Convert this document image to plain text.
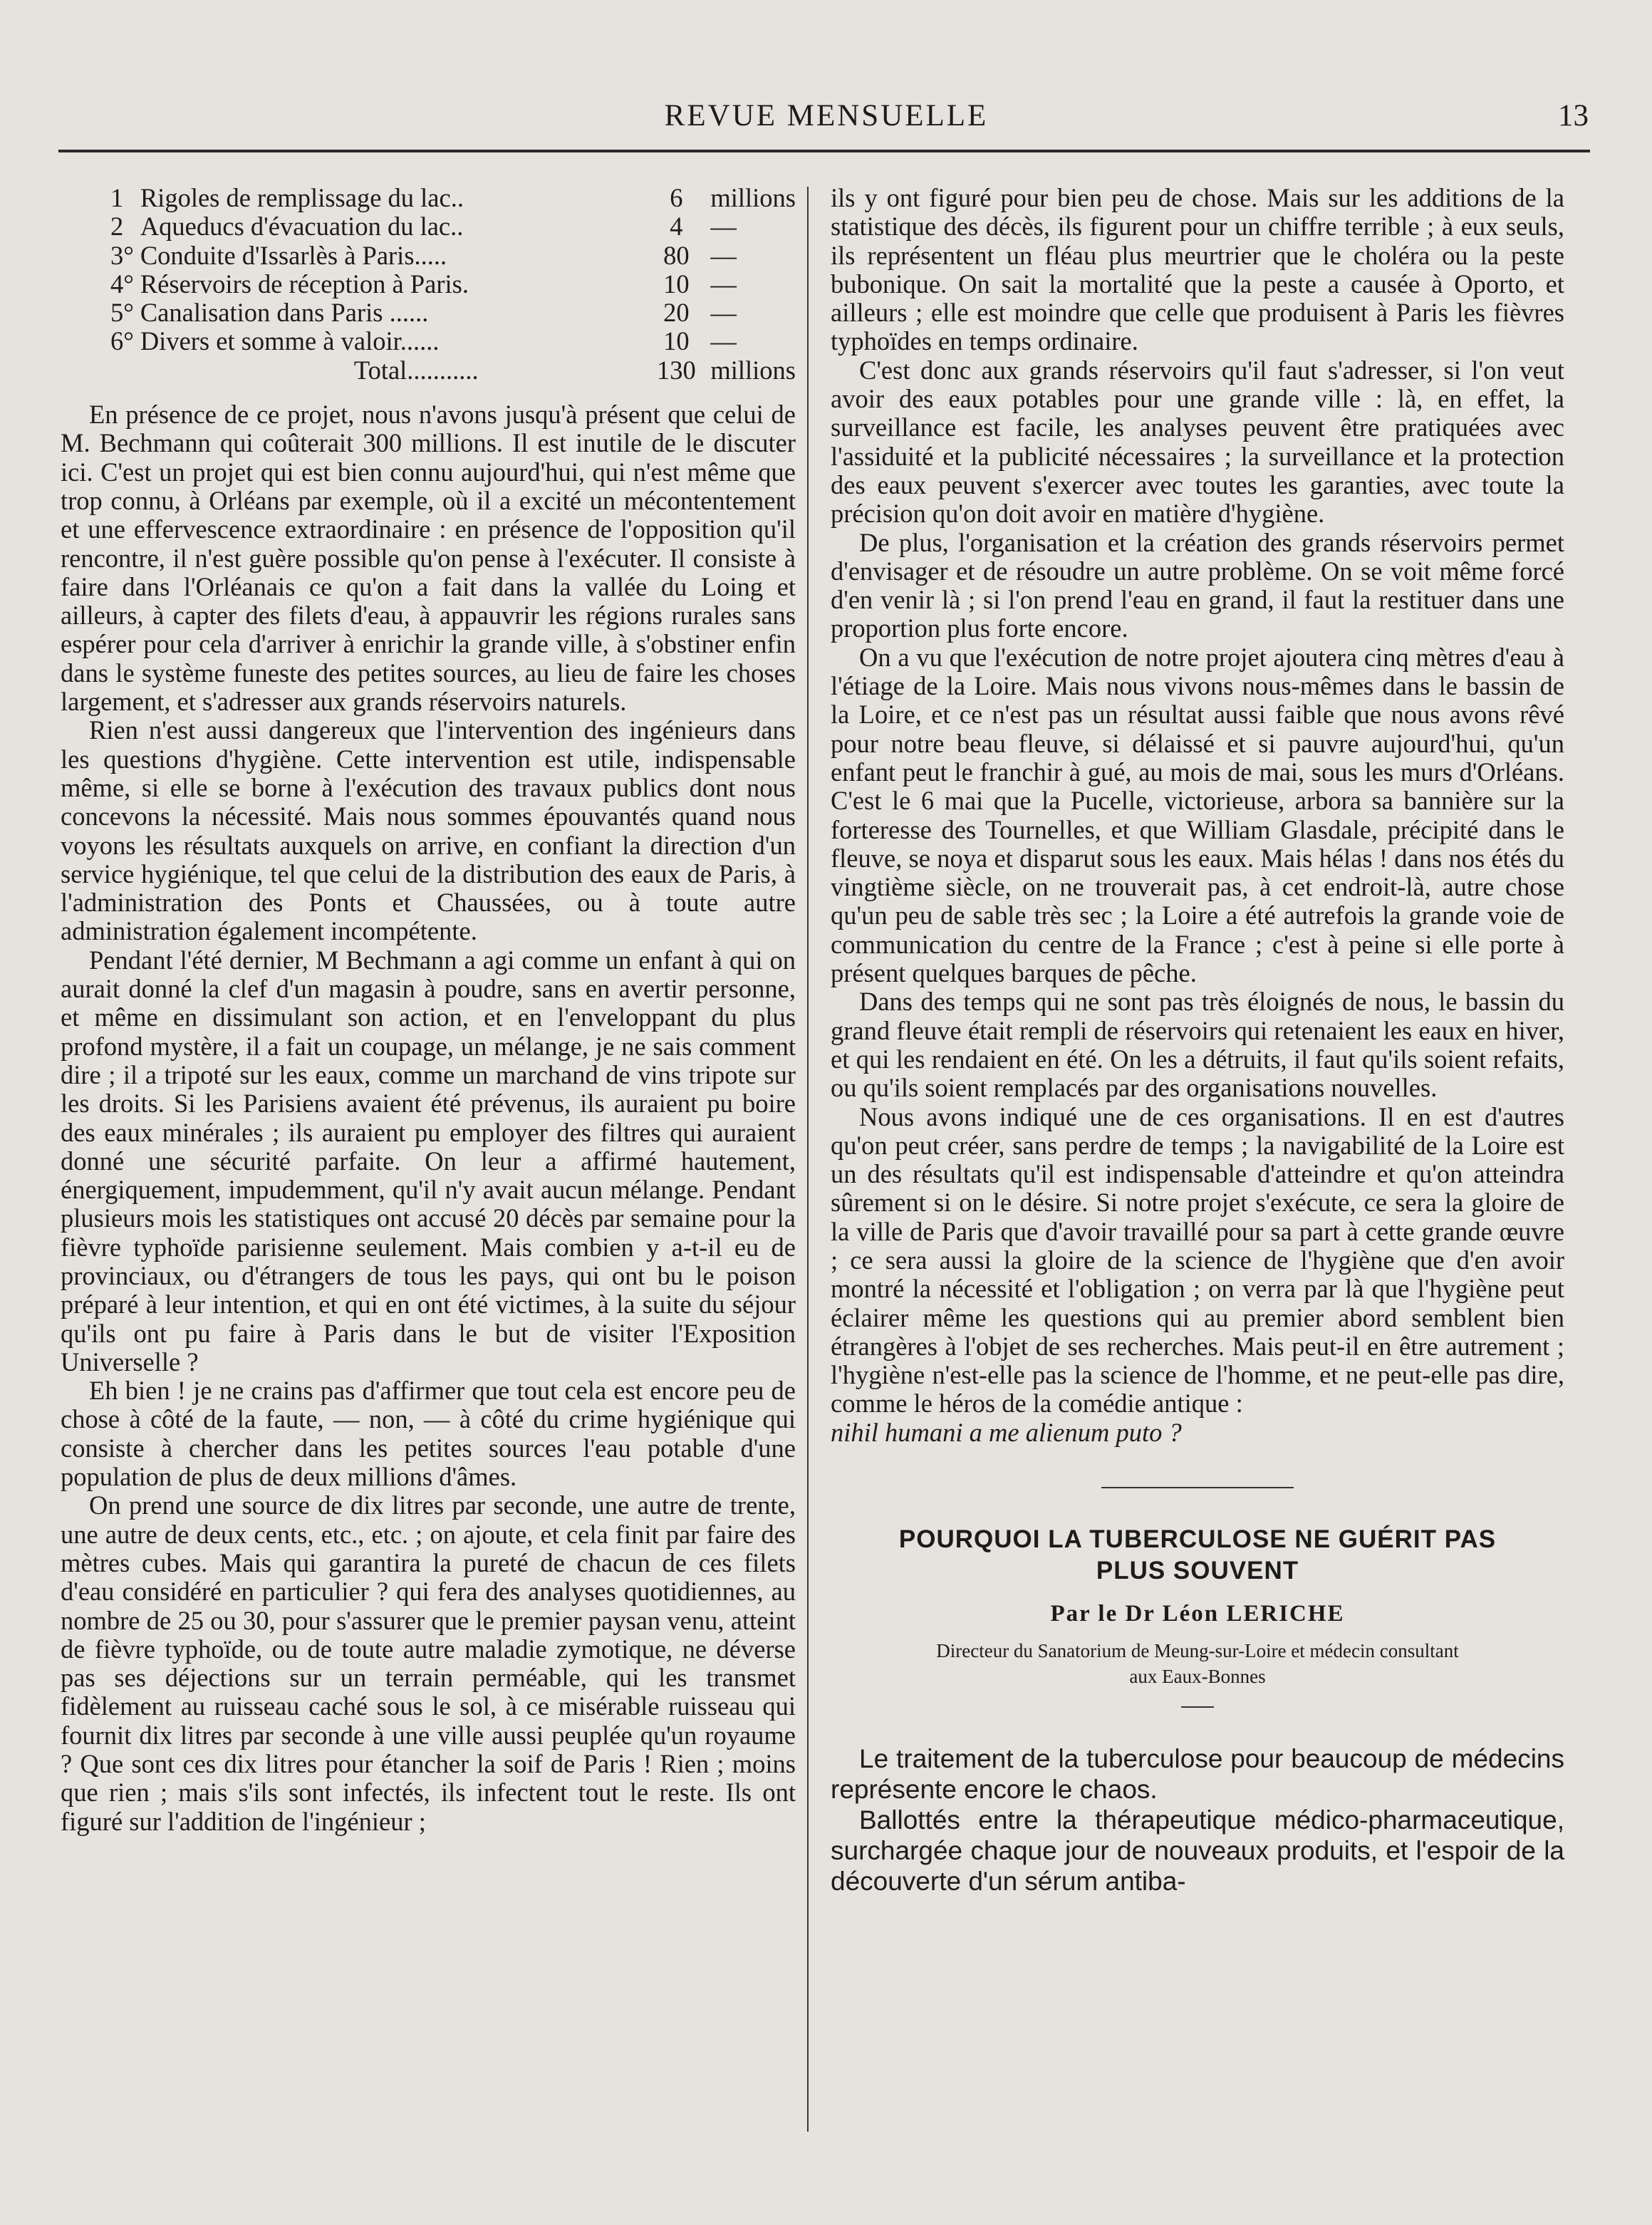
REVUE MENSUELLE	13
1	Rigoles de remplissage du lac..	6	millions
2	Aqueducs d'évacuation du lac..	4	—
3°	Conduite d'Issarlès à Paris.....	80	—
4°	Réservoirs de réception à Paris.	10	—
5°	Canalisation dans Paris ......	20	—
6°	Divers et somme à valoir......	10	—
	Total...........	130	millions

En présence de ce projet, nous n'avons jusqu'à présent que celui de M. Bechmann qui coûterait 300 millions. Il est inutile de le discuter ici. C'est un projet qui est bien connu aujourd'hui, qui n'est même que trop connu, à Orléans par exemple, où il a excité un mécontentement et une effervescence extraordinaire : en présence de l'opposition qu'il rencontre, il n'est guère possible qu'on pense à l'exécuter. Il consiste à faire dans l'Orléanais ce qu'on a fait dans la vallée du Loing et ailleurs, à capter des filets d'eau, à appauvrir les régions rurales sans espérer pour cela d'arriver à enrichir la grande ville, à s'obstiner enfin dans le système funeste des petites sources, au lieu de faire les choses largement, et s'adresser aux grands réservoirs naturels.

Rien n'est aussi dangereux que l'intervention des ingénieurs dans les questions d'hygiène. Cette intervention est utile, indispensable même, si elle se borne à l'exécution des travaux publics dont nous concevons la nécessité. Mais nous sommes épouvantés quand nous voyons les résultats auxquels on arrive, en confiant la direction d'un service hygiénique, tel que celui de la distribution des eaux de Paris, à l'administration des Ponts et Chaussées, ou à toute autre administration également incompétente.

Pendant l'été dernier, M Bechmann a agi comme un enfant à qui on aurait donné la clef d'un magasin à poudre, sans en avertir personne, et même en dissimulant son action, et en l'enveloppant du plus profond mystère, il a fait un coupage, un mélange, je ne sais comment dire ; il a tripoté sur les eaux, comme un marchand de vins tripote sur les droits. Si les Parisiens avaient été prévenus, ils auraient pu boire des eaux minérales ; ils auraient pu employer des filtres qui auraient donné une sécurité parfaite. On leur a affirmé hautement, énergiquement, impudemment, qu'il n'y avait aucun mélange. Pendant plusieurs mois les statistiques ont accusé 20 décès par semaine pour la fièvre typhoïde parisienne seulement. Mais combien y a-t-il eu de provinciaux, ou d'étrangers de tous les pays, qui ont bu le poison préparé à leur intention, et qui en ont été victimes, à la suite du séjour qu'ils ont pu faire à Paris dans le but de visiter l'Exposition Universelle ?

Eh bien ! je ne crains pas d'affirmer que tout cela est encore peu de chose à côté de la faute, — non, — à côté du crime hygiénique qui consiste à chercher dans les petites sources l'eau potable d'une population de plus de deux millions d'âmes.

On prend une source de dix litres par seconde, une autre de trente, une autre de deux cents, etc., etc. ; on ajoute, et cela finit par faire des mètres cubes. Mais qui garantira la pureté de chacun de ces filets d'eau considéré en particulier ? qui fera des analyses quotidiennes, au nombre de 25 ou 30, pour s'assurer que le premier paysan venu, atteint de fièvre typhoïde, ou de toute autre maladie zymotique, ne déverse pas ses déjections sur un terrain perméable, qui les transmet fidèlement au ruisseau caché sous le sol, à ce misérable ruisseau qui fournit dix litres par seconde à une ville aussi peuplée qu'un royaume ? Que sont ces dix litres pour étancher la soif de Paris ! Rien ; moins que rien ; mais s'ils sont infectés, ils infectent tout le reste. Ils ont figuré sur l'addition de l'ingénieur ;

ils y ont figuré pour bien peu de chose. Mais sur les additions de la statistique des décès, ils figurent pour un chiffre terrible ; à eux seuls, ils représentent un fléau plus meurtrier que le choléra ou la peste bubonique. On sait la mortalité que la peste a causée à Oporto, et ailleurs ; elle est moindre que celle que produisent à Paris les fièvres typhoïdes en temps ordinaire.

C'est donc aux grands réservoirs qu'il faut s'adresser, si l'on veut avoir des eaux potables pour une grande ville : là, en effet, la surveillance est facile, les analyses peuvent être pratiquées avec l'assiduité et la publicité nécessaires ; la surveillance et la protection des eaux peuvent s'exercer avec toutes les garanties, avec toute la précision qu'on doit avoir en matière d'hygiène.

De plus, l'organisation et la création des grands réservoirs permet d'envisager et de résoudre un autre problème. On se voit même forcé d'en venir là ; si l'on prend l'eau en grand, il faut la restituer dans une proportion plus forte encore.

On a vu que l'exécution de notre projet ajoutera cinq mètres d'eau à l'étiage de la Loire. Mais nous vivons nous-mêmes dans le bassin de la Loire, et ce n'est pas un résultat aussi faible que nous avons rêvé pour notre beau fleuve, si délaissé et si pauvre aujourd'hui, qu'un enfant peut le franchir à gué, au mois de mai, sous les murs d'Orléans. C'est le 6 mai que la Pucelle, victorieuse, arbora sa bannière sur la forteresse des Tournelles, et que William Glasdale, précipité dans le fleuve, se noya et disparut sous les eaux. Mais hélas ! dans nos étés du vingtième siècle, on ne trouverait pas, à cet endroit-là, autre chose qu'un peu de sable très sec ; la Loire a été autrefois la grande voie de communication du centre de la France ; c'est à peine si elle porte à présent quelques barques de pêche.

Dans des temps qui ne sont pas très éloignés de nous, le bassin du grand fleuve était rempli de réservoirs qui retenaient les eaux en hiver, et qui les rendaient en été. On les a détruits, il faut qu'ils soient refaits, ou qu'ils soient remplacés par des organisations nouvelles.

Nous avons indiqué une de ces organisations. Il en est d'autres qu'on peut créer, sans perdre de temps ; la navigabilité de la Loire est un des résultats qu'il est indispensable d'atteindre et qu'on atteindra sûrement si on le désire. Si notre projet s'exécute, ce sera la gloire de la ville de Paris que d'avoir travaillé pour sa part à cette grande œuvre ; ce sera aussi la gloire de la science de l'hygiène que d'en avoir montré la nécessité et l'obligation ; on verra par là que l'hygiène peut éclairer même les questions qui au premier abord semblent bien étrangères à l'objet de ses recherches. Mais peut-il en être autrement ; l'hygiène n'est-elle pas la science de l'homme, et ne peut-elle pas dire, comme le héros de la comédie antique :

nihil humani a me alienum puto ?

POURQUOI LA TUBERCULOSE NE GUÉRIT PAS
PLUS SOUVENT
Par le Dr Léon LERICHE

Directeur du Sanatorium de Meung-sur-Loire et médecin consultant
aux Eaux-Bonnes

Le traitement de la tuberculose pour beaucoup de médecins représente encore le chaos.

Ballottés entre la thérapeutique médico-pharmaceutique, surchargée chaque jour de nouveaux produits, et l'espoir de la découverte d'un sérum antiba-
